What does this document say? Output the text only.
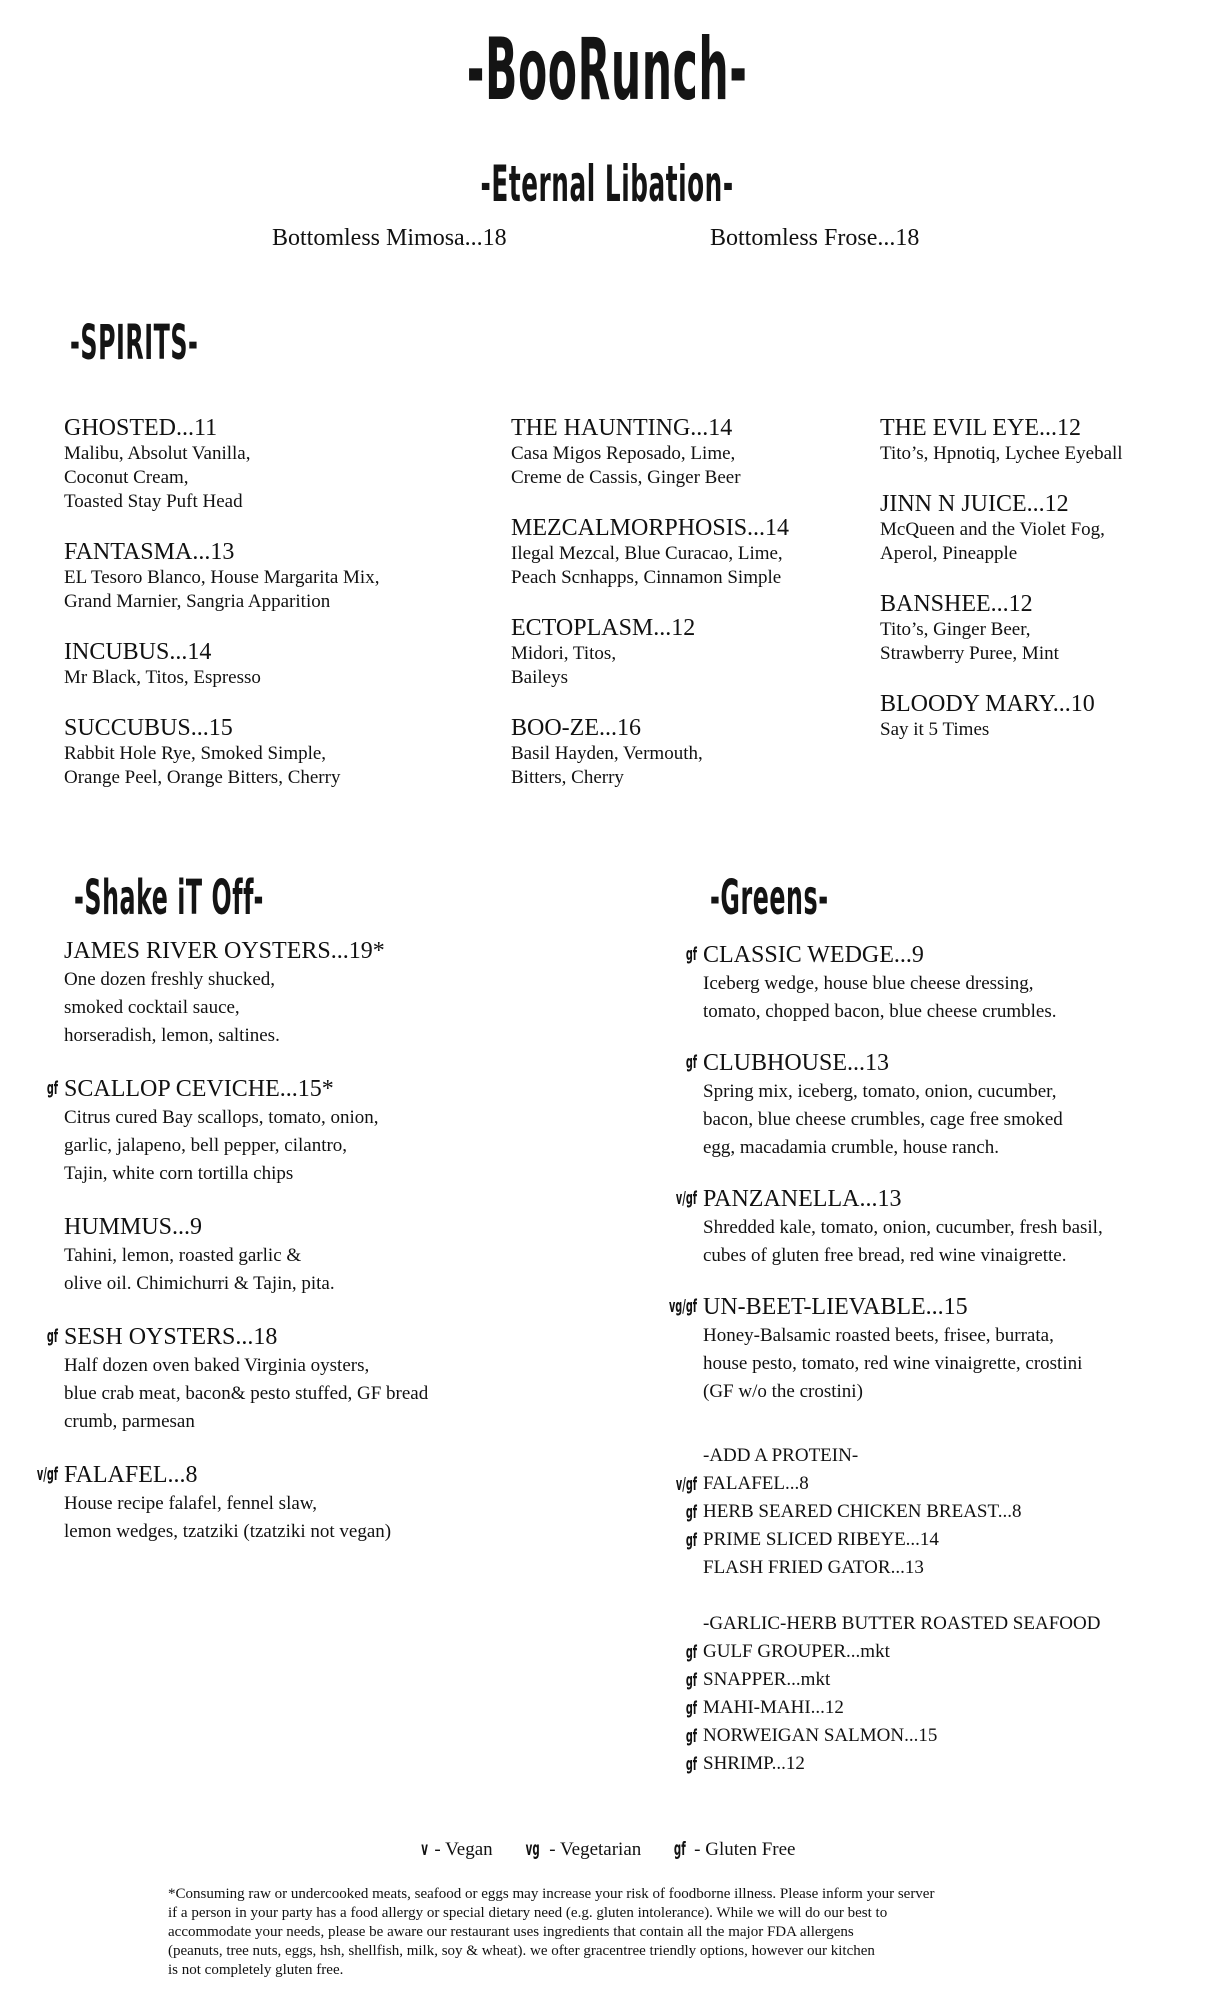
-BooRunch-
-Eternal Libation-
Bottomless Mimosa...18	Bottomless Frose...18
-SPIRITS-
GHOSTED...11
Malibu, Absolut Vanilla,
Coconut Cream,
Toasted Stay Puft Head
FANTASMA...13
EL Tesoro Blanco, House Margarita Mix,
Grand Marnier, Sangria Apparition
INCUBUS...14
Mr Black, Titos, Espresso
SUCCUBUS...15
Rabbit Hole Rye, Smoked Simple,
Orange Peel, Orange Bitters, Cherry
THE HAUNTING...14
Casa Migos Reposado, Lime,
Creme de Cassis, Ginger Beer
MEZCALMORPHOSIS...14
Ilegal Mezcal, Blue Curacao, Lime,
Peach Scnhapps, Cinnamon Simple
ECTOPLASM...12
Midori, Titos,
Baileys
BOO-ZE...16
Basil Hayden, Vermouth,
Bitters, Cherry
THE EVIL EYE...12
Tito’s, Hpnotiq, Lychee Eyeball
JINN N JUICE...12
McQueen and the Violet Fog,
Aperol, Pineapple
BANSHEE...12
Tito’s, Ginger Beer,
Strawberry Puree, Mint
BLOODY MARY...10
Say it 5 Times
-Shake iT Off-
JAMES RIVER OYSTERS...19*
One dozen freshly shucked,
smoked cocktail sauce,
horseradish, lemon, saltines.
gf SCALLOP CEVICHE...15*
Citrus cured Bay scallops, tomato, onion,
garlic, jalapeno, bell pepper, cilantro,
Tajin, white corn tortilla chips
HUMMUS...9
Tahini, lemon, roasted garlic &
olive oil. Chimichurri & Tajin, pita.
gf SESH OYSTERS...18
Half dozen oven baked Virginia oysters,
blue crab meat, bacon& pesto stuffed, GF bread
crumb, parmesan
v/gf FALAFEL...8
House recipe falafel, fennel slaw,
lemon wedges, tzatziki (tzatziki not vegan)
-Greens-
gf CLASSIC WEDGE...9
Iceberg wedge, house blue cheese dressing,
tomato, chopped bacon, blue cheese crumbles.
gf CLUBHOUSE...13
Spring mix, iceberg, tomato, onion, cucumber,
bacon, blue cheese crumbles, cage free smoked
egg, macadamia crumble, house ranch.
v/gf PANZANELLA...13
Shredded kale, tomato, onion, cucumber, fresh basil,
cubes of gluten free bread, red wine vinaigrette.
vg/gf UN-BEET-LIEVABLE...15
Honey-Balsamic roasted beets, frisee, burrata,
house pesto, tomato, red wine vinaigrette, crostini
(GF w/o the crostini)
-ADD A PROTEIN-
v/gf FALAFEL...8
gf HERB SEARED CHICKEN BREAST...8
gf PRIME SLICED RIBEYE...14
FLASH FRIED GATOR...13
-GARLIC-HERB BUTTER ROASTED SEAFOOD
gf GULF GROUPER...mkt
gf SNAPPER...mkt
gf MAHI-MAHI...12
gf NORWEIGAN SALMON...15
gf SHRIMP...12
v - Vegan vg - Vegetarian gf - Gluten Free
*Consuming raw or undercooked meats, seafood or eggs may increase your risk of foodborne illness. Please inform your server
if a person in your party has a food allergy or special dietary need (e.g. gluten intolerance). While we will do our best to
accommodate your needs, please be aware our restaurant uses ingredients that contain all the major FDA allergens
(peanuts, tree nuts, eggs, hsh, shellfish, milk, soy & wheat). we ofter gracentree triendly options, however our kitchen
is not completely gluten free.
